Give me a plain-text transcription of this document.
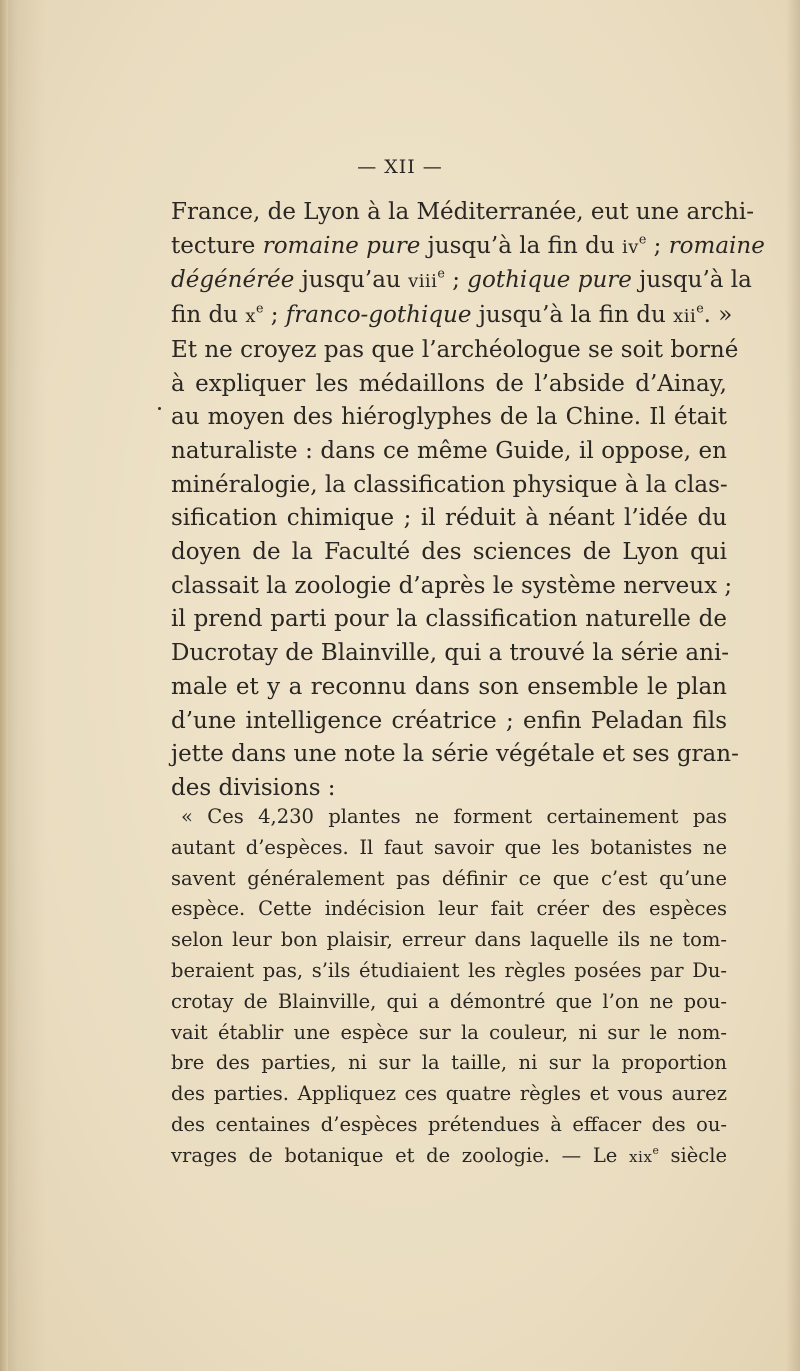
— XII —
France, de Lyon à la Méditerranée, eut une archi-
tecture romaine pure jusqu’à la fin du $iv^e$ ; romaine
dégénérée jusqu’au viii$^e$ ; gothique pure jusqu’à la
fin du $x^e$ ; franco-gothique jusqu’à la fin du xii$^e$. »
Et ne croyez pas que l’archéologue se soit borné
à expliquer les médaillons de l’abside d’Ainay,
au moyen des hiéroglyphes de la Chine. Il était
naturaliste : dans ce même Guide, il oppose, en
minéralogie, la classification physique à la clas-
sification chimique ; il réduit à néant l’idée du
doyen de la Faculté des sciences de Lyon qui
classait la zoologie d’après le système nerveux ;
il prend parti pour la classification naturelle de
Ducrotay de Blainville, qui a trouvé la série ani-
male et y a reconnu dans son ensemble le plan
d’une intelligence créatrice ; enfin Peladan fils
jette dans une note la série végétale et ses gran-
des divisions :
« Ces 4,230 plantes ne forment certainement pas
autant d’espèces. Il faut savoir que les botanistes ne
savent généralement pas définir ce que c’est qu’une
espèce. Cette indécision leur fait créer des espèces
selon leur bon plaisir, erreur dans laquelle ils ne tom-
beraient pas, s’ils étudiaient les règles posées par Du-
crotay de Blainville, qui a démontré que l’on ne pou-
vait établir une espèce sur la couleur, ni sur le nom-
bre des parties, ni sur la taille, ni sur la proportion
des parties. Appliquez ces quatre règles et vous aurez
des centaines d’espèces prétendues à effacer des ou-
vrages de botanique et de zoologie. — Le xix$^e$ siècle
